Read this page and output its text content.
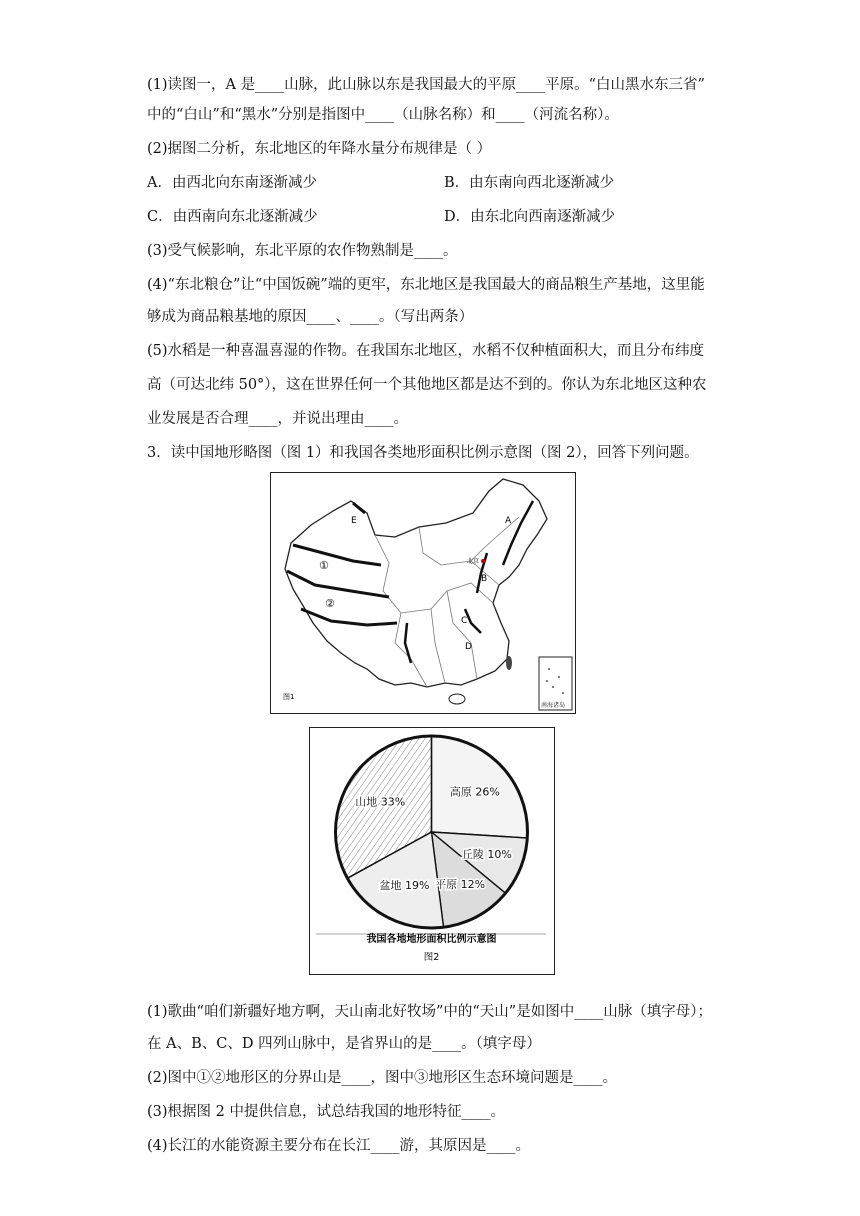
(1)读图一，A 是____山脉，此山脉以东是我国最大的平原____平原。“白山黑水东三省”
中的“白山”和“黑水”分别是指图中____（山脉名称）和____（河流名称）。
(2)据图二分析，东北地区的年降水量分布规律是（ ）
A．由西北向东南逐渐减少	B．由东南向西北逐渐减少
C．由西南向东北逐渐减少	D．由东北向西南逐渐减少
(3)受气候影响，东北平原的农作物熟制是____。
(4)“东北粮仓”让“中国饭碗”端的更牢，东北地区是我国最大的商品粮生产基地，这里能
够成为商品粮基地的原因____、____。（写出两条）
(5)水稻是一种喜温喜湿的作物。在我国东北地区，水稻不仅种植面积大，而且分布纬度
高（可达北纬 50°），这在世界任何一个其他地区都是达不到的。你认为东北地区这种农
业发展是否合理____，并说出理由____。
3．读中国地形略图（图 1）和我国各类地形面积比例示意图（图 2），回答下列问题。
南海诸岛
E	A
B
C
D
①
②
北京
图1
高原 26%
丘陵 10%
平原 12%
盆地 19%
山地 33%
我国各地地形面积比例示意图
图2
(1)歌曲“咱们新疆好地方啊，天山南北好牧场”中的“天山”是如图中____山脉（填字母）；
在 A、B、C、D 四列山脉中，是省界山的是____。（填字母）
(2)图中①②地形区的分界山是____，图中③地形区生态环境问题是____。
(3)根据图 2 中提供信息，试总结我国的地形特征____。
(4)长江的水能资源主要分布在长江____游，其原因是____。
